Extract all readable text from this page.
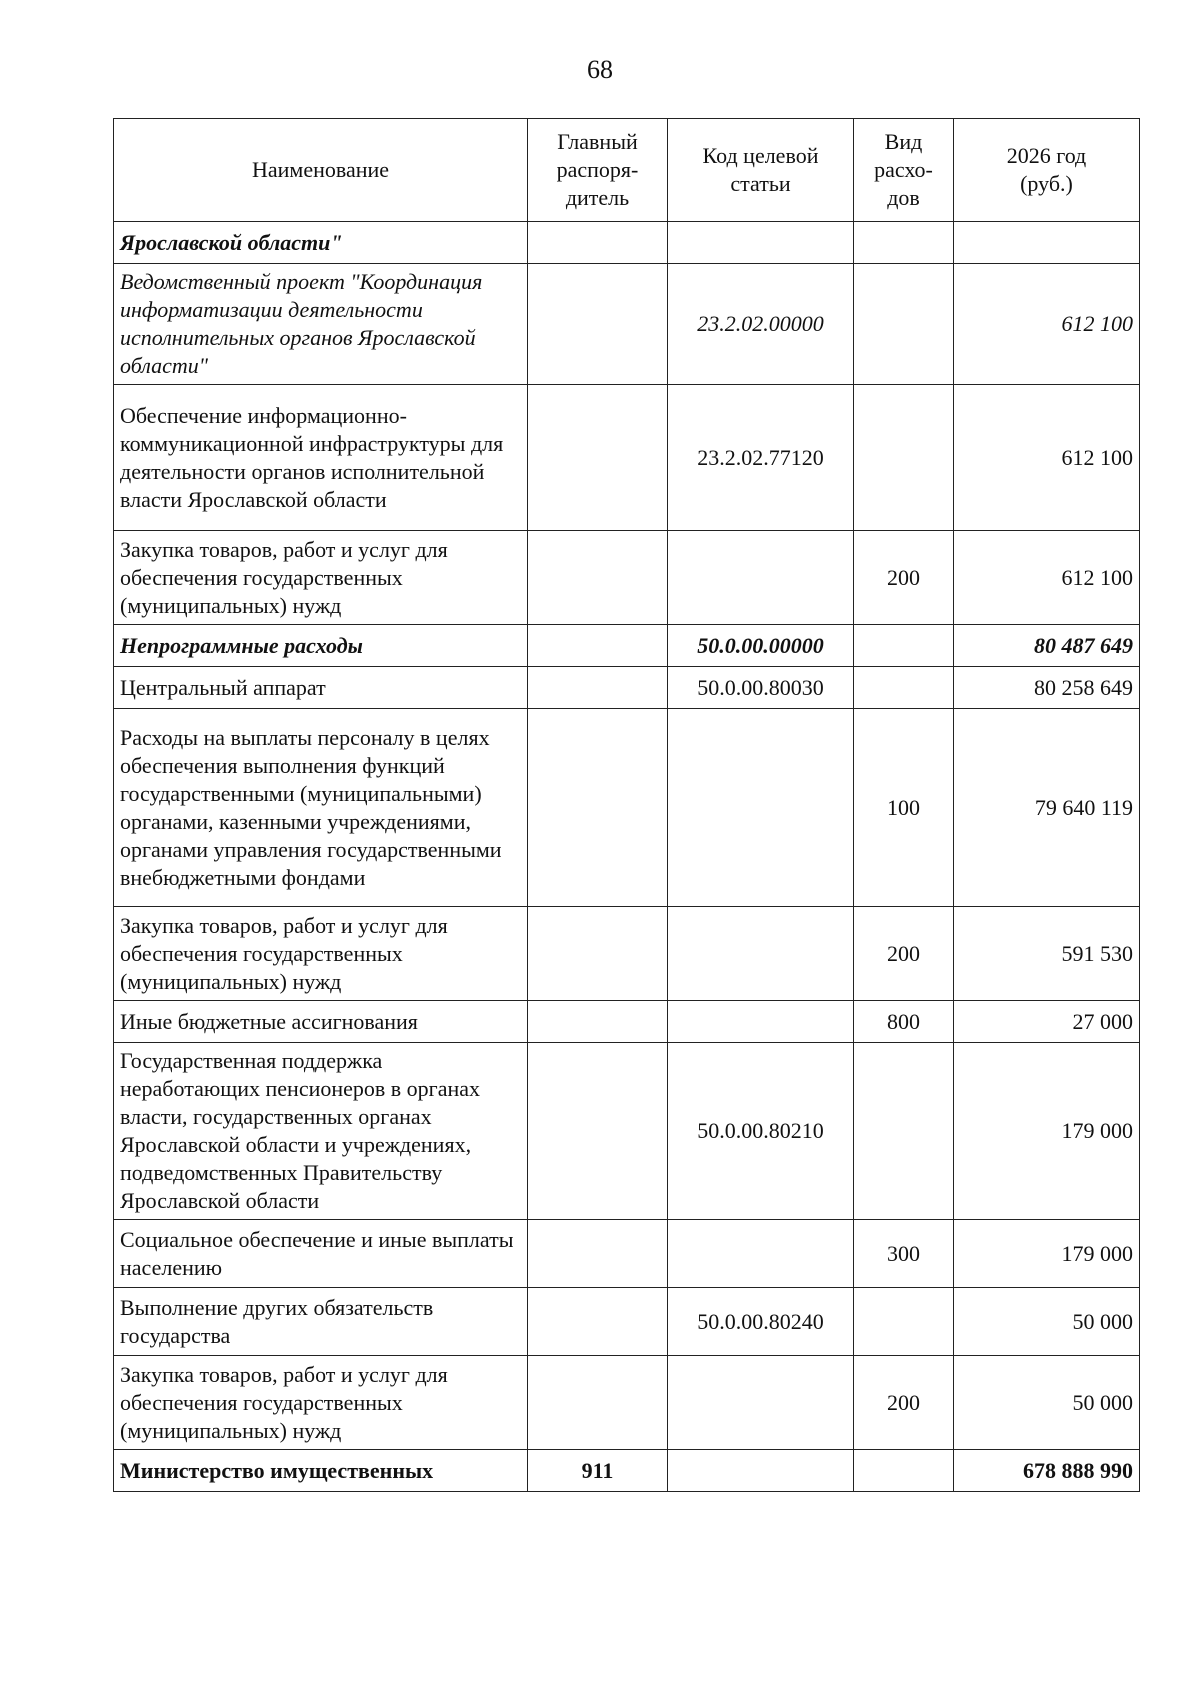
68
Наименование	Главный
распоря-
дитель	Код целевой
статьи	Вид
расхо-
дов	2026 год
(руб.)

Ярославской области"				
Ведомственный проект "Координация информатизации деятельности исполнительных органов Ярославской области"		23.2.02.00000		612 100
Обеспечение информационно-коммуникационной инфраструктуры для деятельности органов исполнительной власти Ярославской области		23.2.02.77120		612 100
Закупка товаров, работ и услуг для обеспечения государственных (муниципальных) нужд			200	612 100
Непрограммные расходы		50.0.00.00000		80 487 649
Центральный аппарат		50.0.00.80030		80 258 649
Расходы на выплаты персоналу в целях обеспечения выполнения функций государственными (муниципальными) органами, казенными учреждениями, органами управления государственными внебюджетными фондами			100	79 640 119
Закупка товаров, работ и услуг для обеспечения государственных (муниципальных) нужд			200	591 530
Иные бюджетные ассигнования			800	27 000
Государственная поддержка неработающих пенсионеров в органах власти, государственных органах Ярославской области и учреждениях, подведомственных Правительству Ярославской области		50.0.00.80210		179 000
Социальное обеспечение и иные выплаты населению			300	179 000
Выполнение других обязательств государства		50.0.00.80240		50 000
Закупка товаров, работ и услуг для обеспечения государственных (муниципальных) нужд			200	50 000
Министерство имущественных	911			678 888 990
